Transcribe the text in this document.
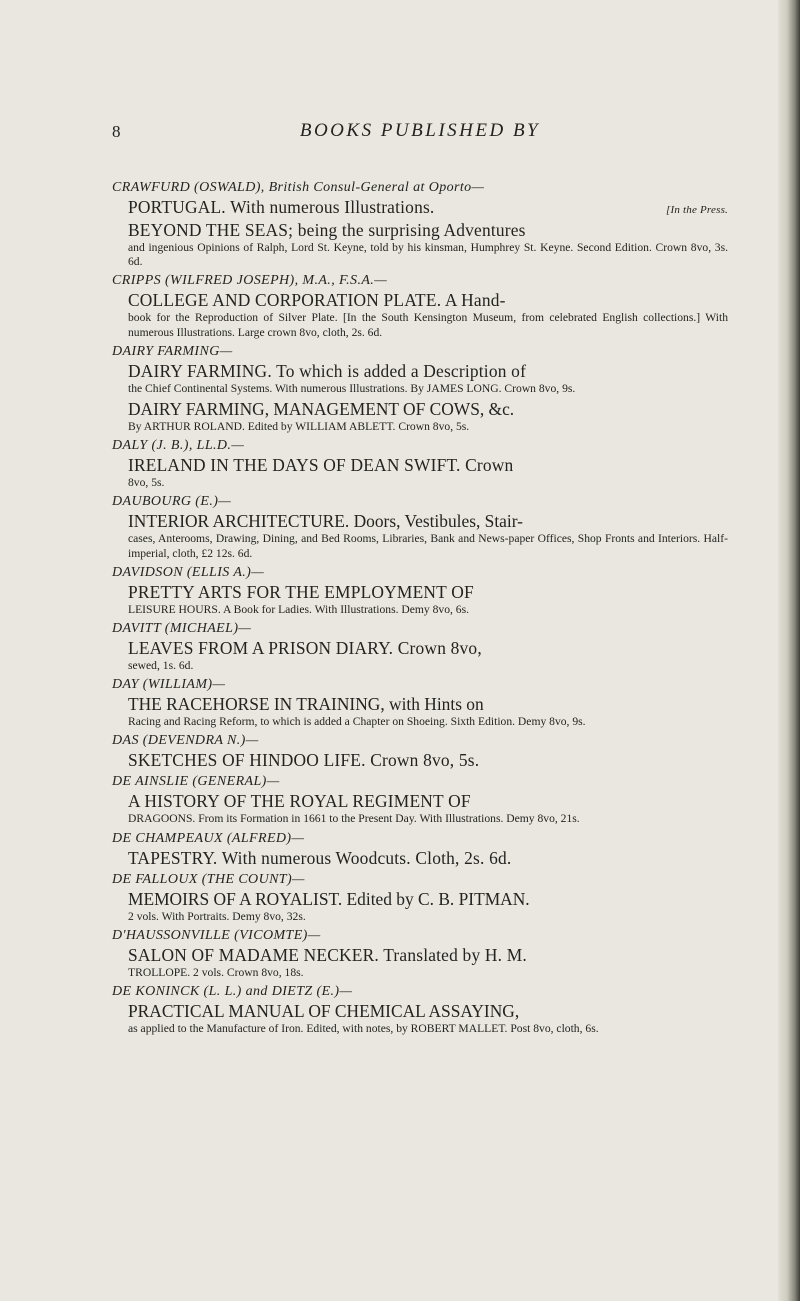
8	BOOKS PUBLISHED BY
CRAWFURD (OSWALD), British Consul-General at Oporto—
PORTUGAL. With numerous Illustrations.	[In the Press.
BEYOND THE SEAS; being the surprising Adventures
and ingenious Opinions of Ralph, Lord St. Keyne, told by his kinsman, Humphrey St. Keyne. Second Edition. Crown 8vo, 3s. 6d.
CRIPPS (WILFRED JOSEPH), M.A., F.S.A.—
COLLEGE AND CORPORATION PLATE. A Hand-
book for the Reproduction of Silver Plate. [In the South Kensington Museum, from celebrated English collections.] With numerous Illustrations. Large crown 8vo, cloth, 2s. 6d.
DAIRY FARMING—
DAIRY FARMING. To which is added a Description of
the Chief Continental Systems. With numerous Illustrations. By JAMES LONG. Crown 8vo, 9s.
DAIRY FARMING, MANAGEMENT OF COWS, &c.
By ARTHUR ROLAND. Edited by WILLIAM ABLETT. Crown 8vo, 5s.
DALY (J. B.), LL.D.—
IRELAND IN THE DAYS OF DEAN SWIFT. Crown
8vo, 5s.
DAUBOURG (E.)—
INTERIOR ARCHITECTURE. Doors, Vestibules, Stair-
cases, Anterooms, Drawing, Dining, and Bed Rooms, Libraries, Bank and News-paper Offices, Shop Fronts and Interiors. Half-imperial, cloth, £2 12s. 6d.
DAVIDSON (ELLIS A.)—
PRETTY ARTS FOR THE EMPLOYMENT OF
LEISURE HOURS. A Book for Ladies. With Illustrations. Demy 8vo, 6s.
DAVITT (MICHAEL)—
LEAVES FROM A PRISON DIARY. Crown 8vo,
sewed, 1s. 6d.
DAY (WILLIAM)—
THE RACEHORSE IN TRAINING, with Hints on
Racing and Racing Reform, to which is added a Chapter on Shoeing. Sixth Edition. Demy 8vo, 9s.
DAS (DEVENDRA N.)—
SKETCHES OF HINDOO LIFE. Crown 8vo, 5s.
DE AINSLIE (GENERAL)—
A HISTORY OF THE ROYAL REGIMENT OF
DRAGOONS. From its Formation in 1661 to the Present Day. With Illustrations. Demy 8vo, 21s.
DE CHAMPEAUX (ALFRED)—
TAPESTRY. With numerous Woodcuts. Cloth, 2s. 6d.
DE FALLOUX (THE COUNT)—
MEMOIRS OF A ROYALIST. Edited by C. B. PITMAN.
2 vols. With Portraits. Demy 8vo, 32s.
D'HAUSSONVILLE (VICOMTE)—
SALON OF MADAME NECKER. Translated by H. M.
TROLLOPE. 2 vols. Crown 8vo, 18s.
DE KONINCK (L. L.) and DIETZ (E.)—
PRACTICAL MANUAL OF CHEMICAL ASSAYING,
as applied to the Manufacture of Iron. Edited, with notes, by ROBERT MALLET. Post 8vo, cloth, 6s.
